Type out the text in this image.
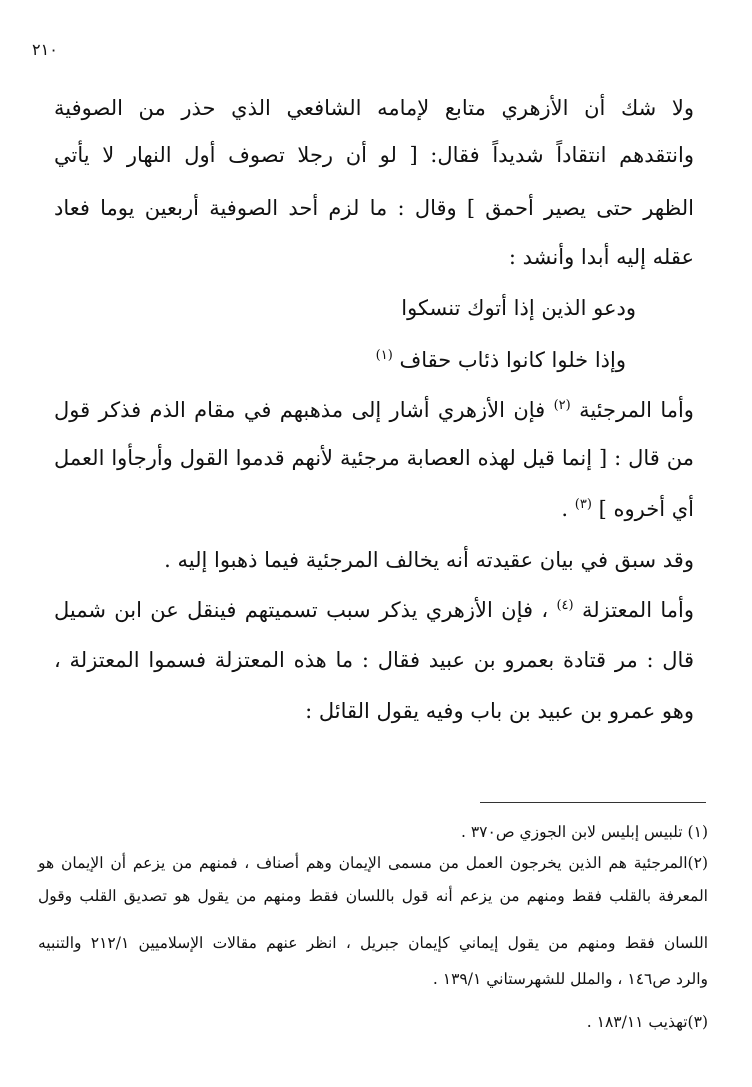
٢١٠
ولا شك أن الأزهري متابع لإمامه الشافعي الذي حذر من الصوفية
وانتقدهم انتقاداً شديداً فقال: [ لو أن رجلا تصوف أول النهار لا يأتي
الظهر حتى يصير أحمق ] وقال : ما لزم أحد الصوفية أربعين يوما فعاد
عقله إليه أبدا وأنشد :
ودعو الذين إذا أتوك تنسكوا
وإذا خلوا كانوا ذئاب حقاف $^{(١)}$
وأما المرجئية $^{(٢)}$ فإن الأزهري أشار إلى مذهبهم في مقام الذم فذكر قول
من قال : [ إنما قيل لهذه العصابة مرجئية لأنهم قدموا القول وأرجأوا العمل
أي أخروه ] $^{(٣)}$ .
وقد سبق في بيان عقيدته أنه يخالف المرجئية فيما ذهبوا إليه .
وأما المعتزلة $^{(٤)}$ ، فإن الأزهري يذكر سبب تسميتهم فينقل عن ابن شميل
قال : مر قتادة بعمرو بن عبيد فقال : ما هذه المعتزلة فسموا المعتزلة ،
وهو عمرو بن عبيد بن باب وفيه يقول القائل :
(١) تلبيس إبليس لابن الجوزي ص٣٧٠ .
(٢)المرجئية هم الذين يخرجون العمل من مسمى الإيمان وهم أصناف ، فمنهم من يزعم أن الإيمان هو
المعرفة بالقلب فقط ومنهم من يزعم أنه قول باللسان فقط ومنهم من يقول هو تصديق القلب وقول
اللسان فقط ومنهم من يقول إيماني كإيمان جبريل ، انظر عنهم مقالات الإسلاميين ٢١٢/١ والتنبيه
والرد ص١٤٦ ، والملل للشهرستاني ١٣٩/١ .
(٣)تهذيب ١٨٣/١١ .
